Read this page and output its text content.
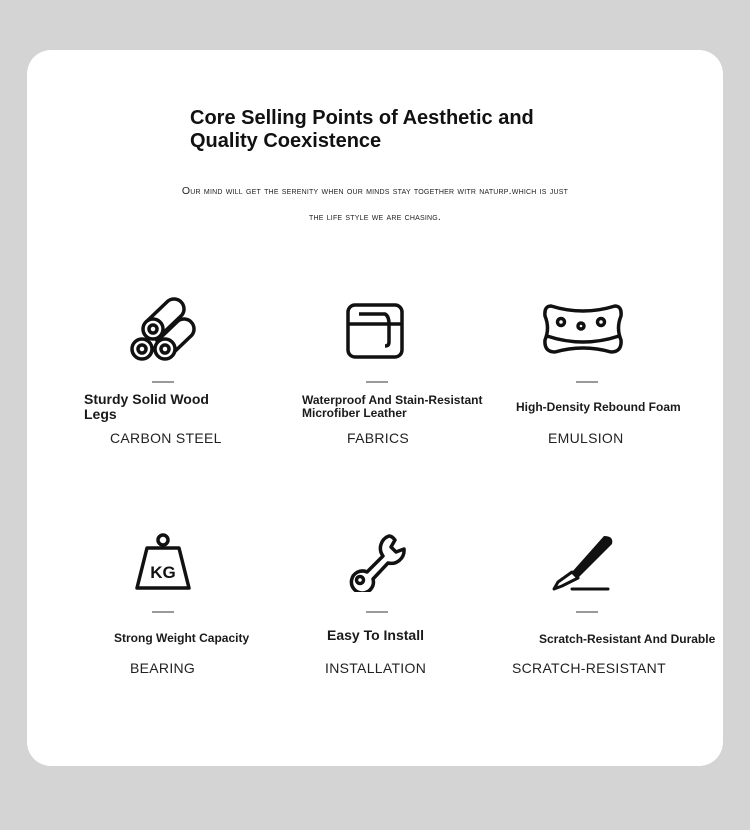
Core Selling Points of Aesthetic and
Quality Coexistence
Our mind will get the serenity when our minds stay together witr naturp.which is just
the life style we are chasing.
Sturdy Solid Wood Legs
CARBON STEEL
Waterproof And Stain-Resistant
Microfiber Leather
FABRICS
High-Density Rebound Foam
EMULSION
KG
Strong Weight Capacity
BEARING
Easy To Install
INSTALLATION
Scratch-Resistant And Durable
SCRATCH-RESISTANT
